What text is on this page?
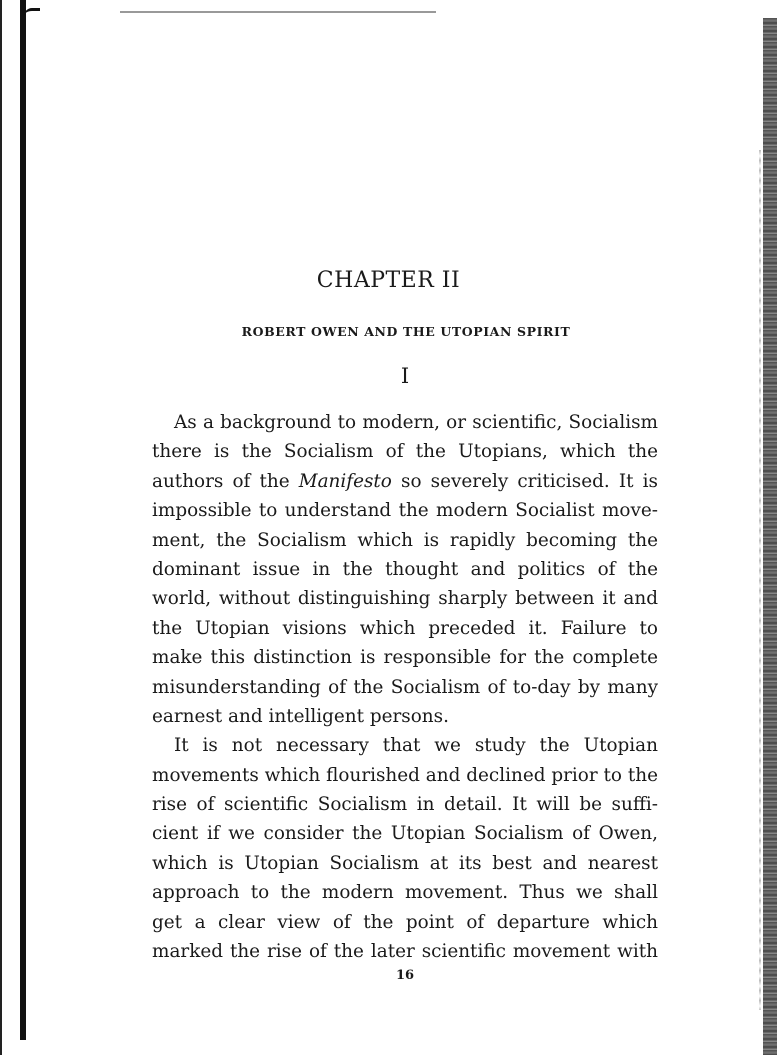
CHAPTER II
ROBERT OWEN AND THE UTOPIAN SPIRIT
I
As a background to modern, or scientific, Socialism
there is the Socialism of the Utopians, which the
authors of the Manifesto so severely criticised. It is
impossible to understand the modern Socialist move-
ment, the Socialism which is rapidly becoming the
dominant issue in the thought and politics of the
world, without distinguishing sharply between it and
the Utopian visions which preceded it. Failure to
make this distinction is responsible for the complete
misunderstanding of the Socialism of to-day by many
earnest and intelligent persons.
It is not necessary that we study the Utopian
movements which flourished and declined prior to the
rise of scientific Socialism in detail. It will be suffi-
cient if we consider the Utopian Socialism of Owen,
which is Utopian Socialism at its best and nearest
approach to the modern movement. Thus we shall
get a clear view of the point of departure which
marked the rise of the later scientific movement with
16
